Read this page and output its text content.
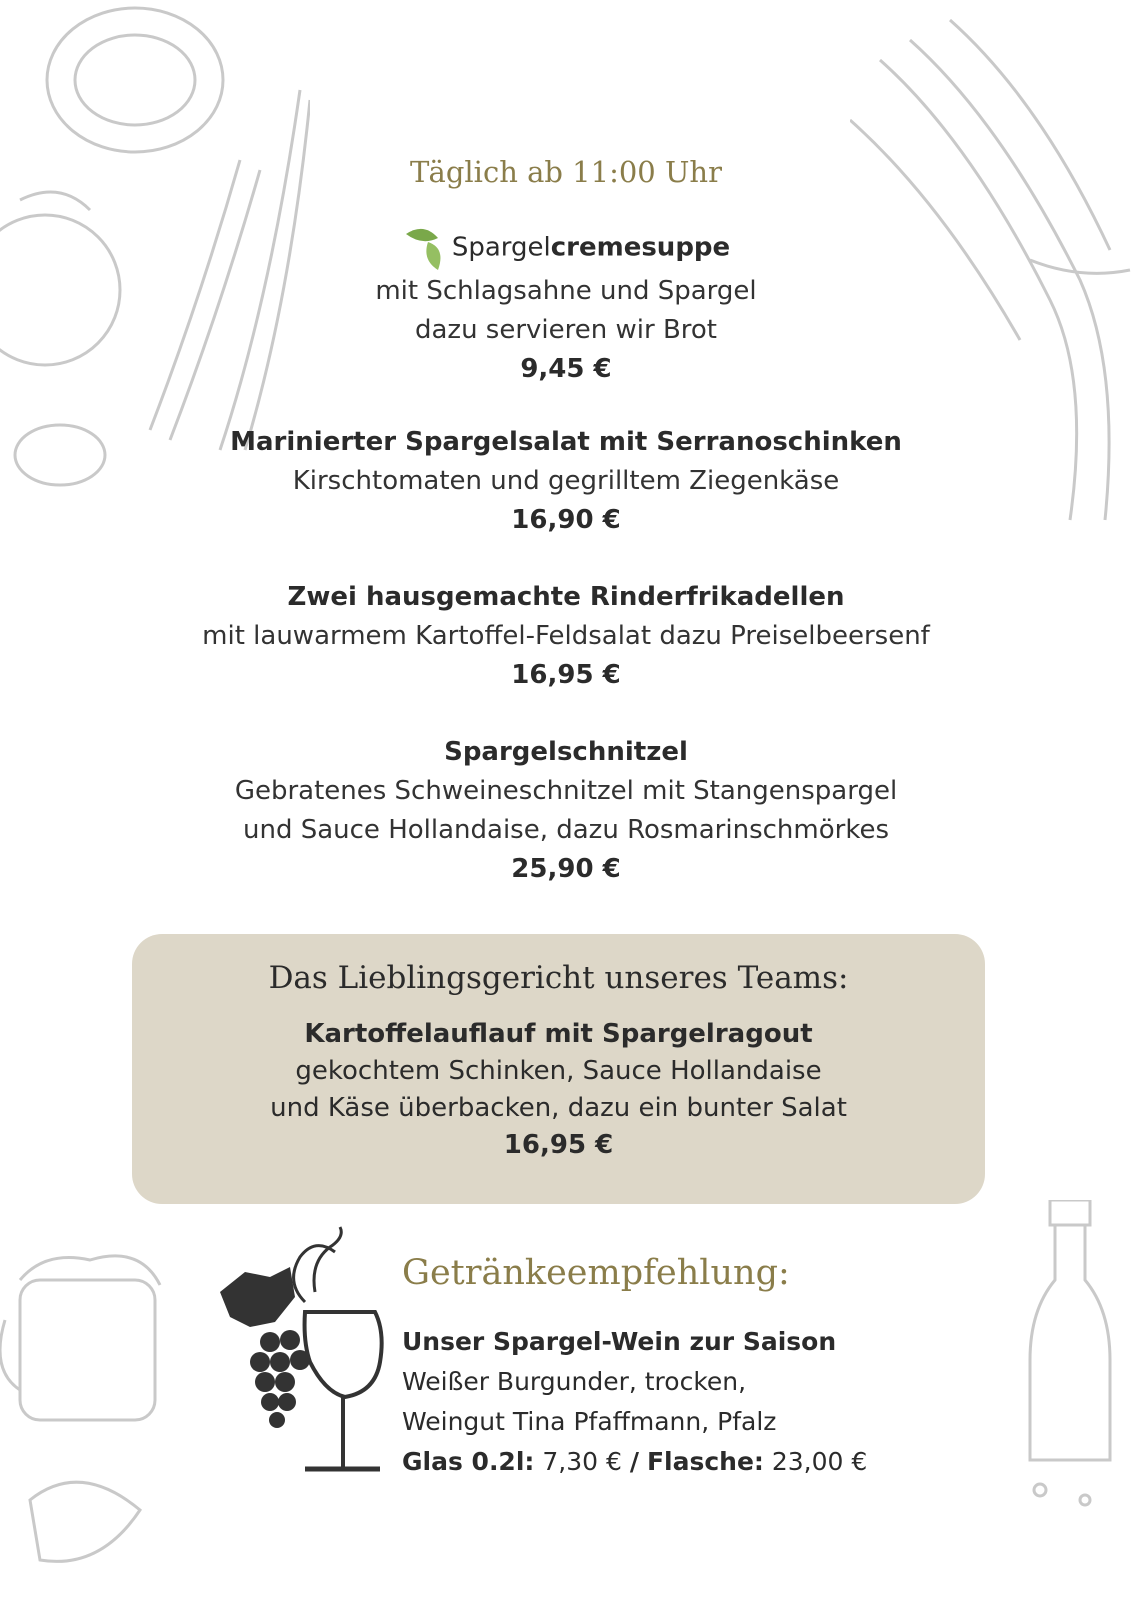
Täglich ab 11:00 Uhr
Spargelcremesuppe
mit Schlagsahne und Spargel
dazu servieren wir Brot
9,45 €
Marinierter Spargelsalat mit Serranoschinken
Kirschtomaten und gegrilltem Ziegenkäse
16,90 €
Zwei hausgemachte Rinderfrikadellen
mit lauwarmem Kartoffel-Feldsalat dazu Preiselbeersenf
16,95 €
Spargelschnitzel
Gebratenes Schweineschnitzel mit Stangenspargel
und Sauce Hollandaise, dazu Rosmarinschmörkes
25,90 €
Das Lieblingsgericht unseres Teams:
Kartoffelauflauf mit Spargelragout
gekochtem Schinken, Sauce Hollandaise
und Käse überbacken, dazu ein bunter Salat
16,95 €
Getränkeempfehlung:
Unser Spargel-Wein zur Saison
Weißer Burgunder, trocken,
Weingut Tina Pfaffmann, Pfalz
Glas 0.2l: 7,30 € / Flasche: 23,00 €
